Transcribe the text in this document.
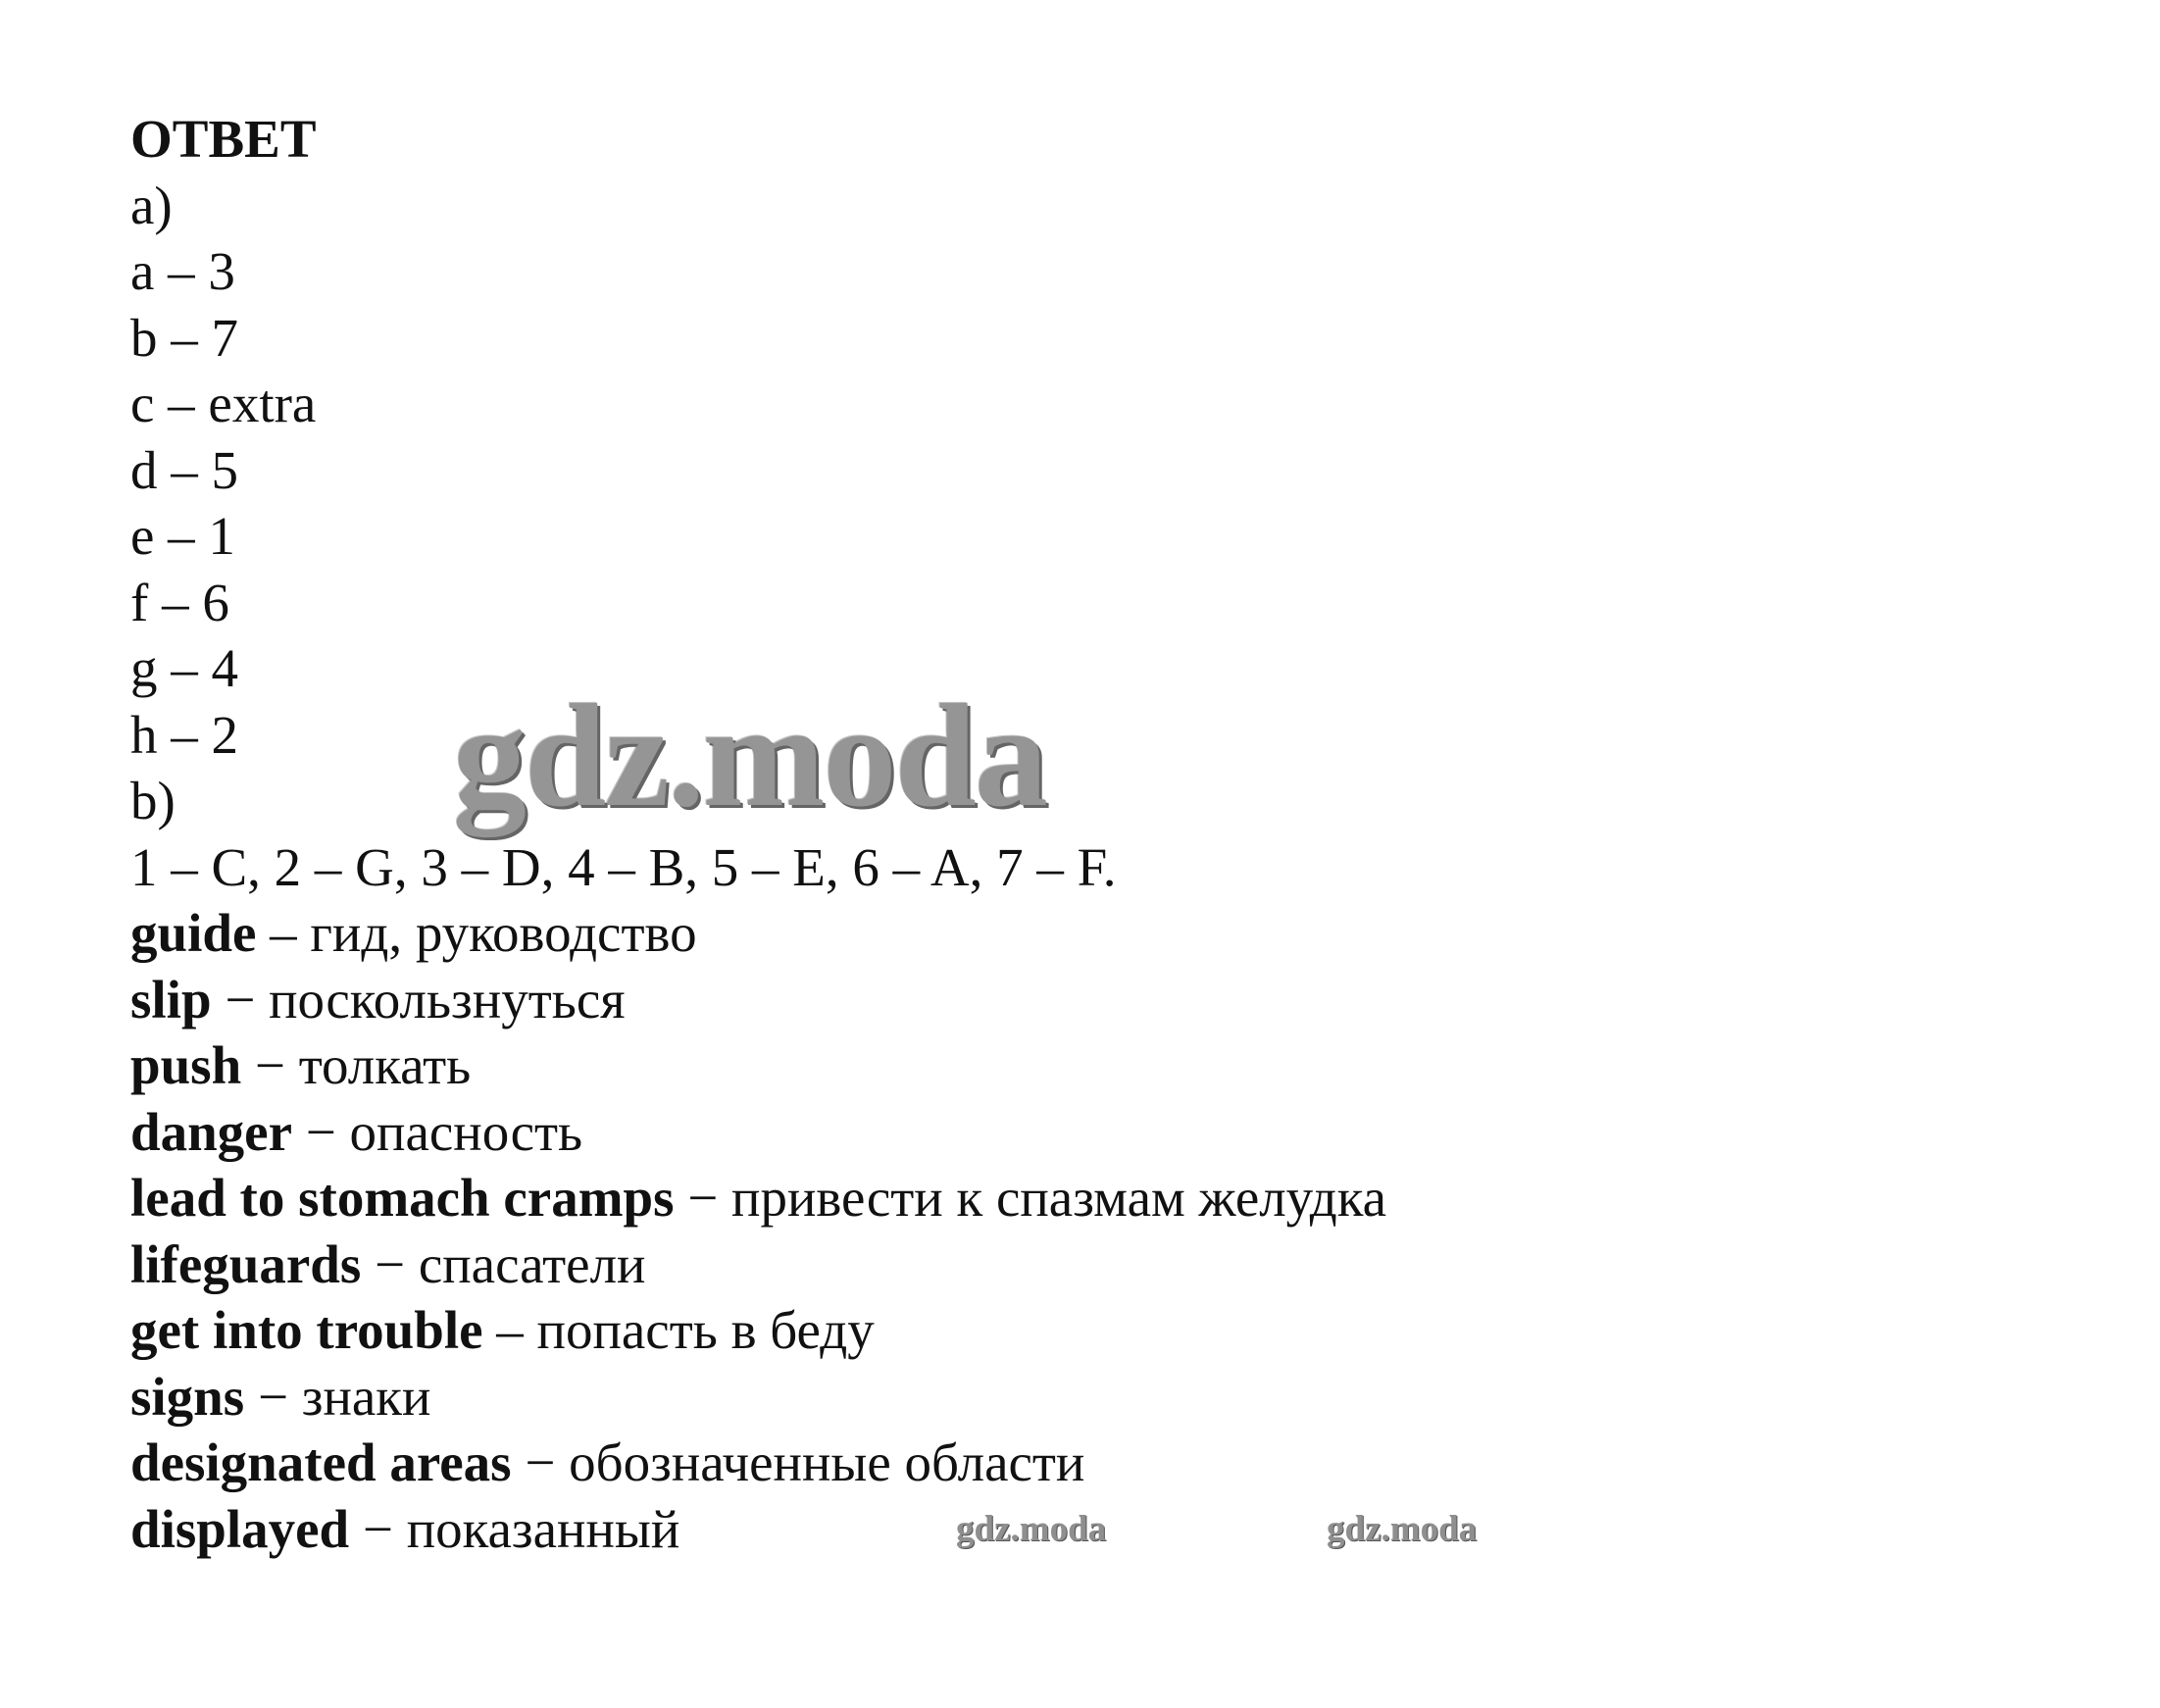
ОТВЕТ
а)
a – 3
b – 7
c – extra
d – 5
e – 1
f – 6
g – 4
h – 2
b)
1 – C, 2 – G, 3 – D, 4 – B, 5 – E, 6 – A, 7 – F.
guide – гид, руководство
slip − поскользнуться
push − толкать
danger − опасность
lead to stomach cramps − привести к спазмам желудка
lifeguards − спасатели
get into trouble – попасть в беду
signs − знаки
designated areas − обозначенные области
displayed − показанный
gdz.moda
gdz.moda	gdz.moda
